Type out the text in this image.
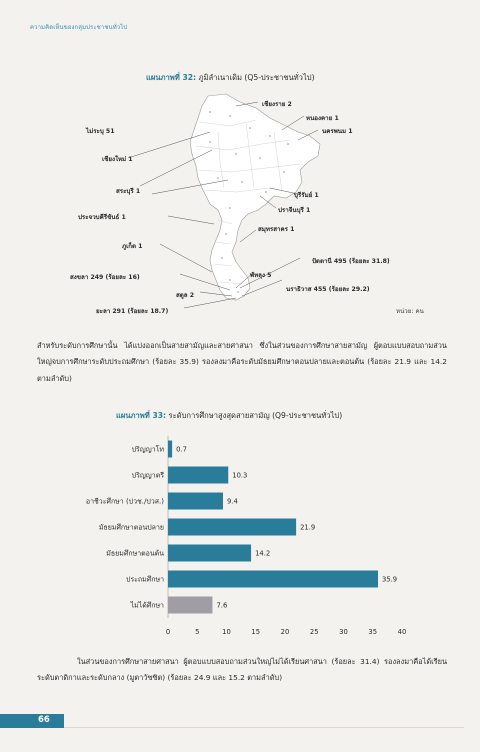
ความคิดเห็นของกลุ่มประชาชนทั่วไป
แผนภาพที่ 32: ภูมิลำเนาเดิม (Q5-ประชาชนทั่วไป)
เชียงราย 2
ไม่ระบุ 51
หนองคาย 1
นครพนม 1
เชียงใหม่ 1
สระบุรี 1
บุรีรัมย์ 1
ประจวบคีรีขันธ์ 1
ปราจีนบุรี 1
สมุทรสาคร 1
ภูเก็ต 1
ปัตตานี 495 (ร้อยละ 31.8)
สงขลา 249 (ร้อยละ 16)	พัทลุง 5
นราธิวาส 455 (ร้อยละ 29.2)
สตูล 2
ยะลา 291 (ร้อยละ 18.7)	หน่วย: คน
สำหรับระดับการศึกษานั้น ได้แบ่งออกเป็นสายสามัญและสายศาสนา ซึ่งในส่วนของการศึกษาสายสามัญ ผู้ตอบแบบสอบถามส่วนใหญ่จบการศึกษาระดับประถมศึกษา (ร้อยละ 35.9) รองลงมาคือระดับมัธยมศึกษาตอนปลายและตอนต้น (ร้อยละ 21.9 และ 14.2 ตามลำดับ)
แผนภาพที่ 33: ระดับการศึกษาสูงสุดสายสามัญ (Q9-ประชาชนทั่วไป)
ปริญญาโท 0.7
ปริญญาตรี	10.3
อาชีวะศึกษา (ปวช./ปวส.)	9.4
มัธยมศึกษาตอนปลาย	21.9
มัธยมศึกษาตอนต้น	14.2
ประถมศึกษา	35.9
ไม่ได้ศึกษา	7.6
0	5	10	15	20	25	30	35	40
ในส่วนของการศึกษาสายศาสนา ผู้ตอบแบบสอบถามส่วนใหญ่ไม่ได้เรียนศาสนา (ร้อยละ 31.4) รองลงมาคือได้เรียนระดับตาดิกาและระดับกลาง (มูตาวัซซิต) (ร้อยละ 24.9 และ 15.2 ตามลำดับ)
66
